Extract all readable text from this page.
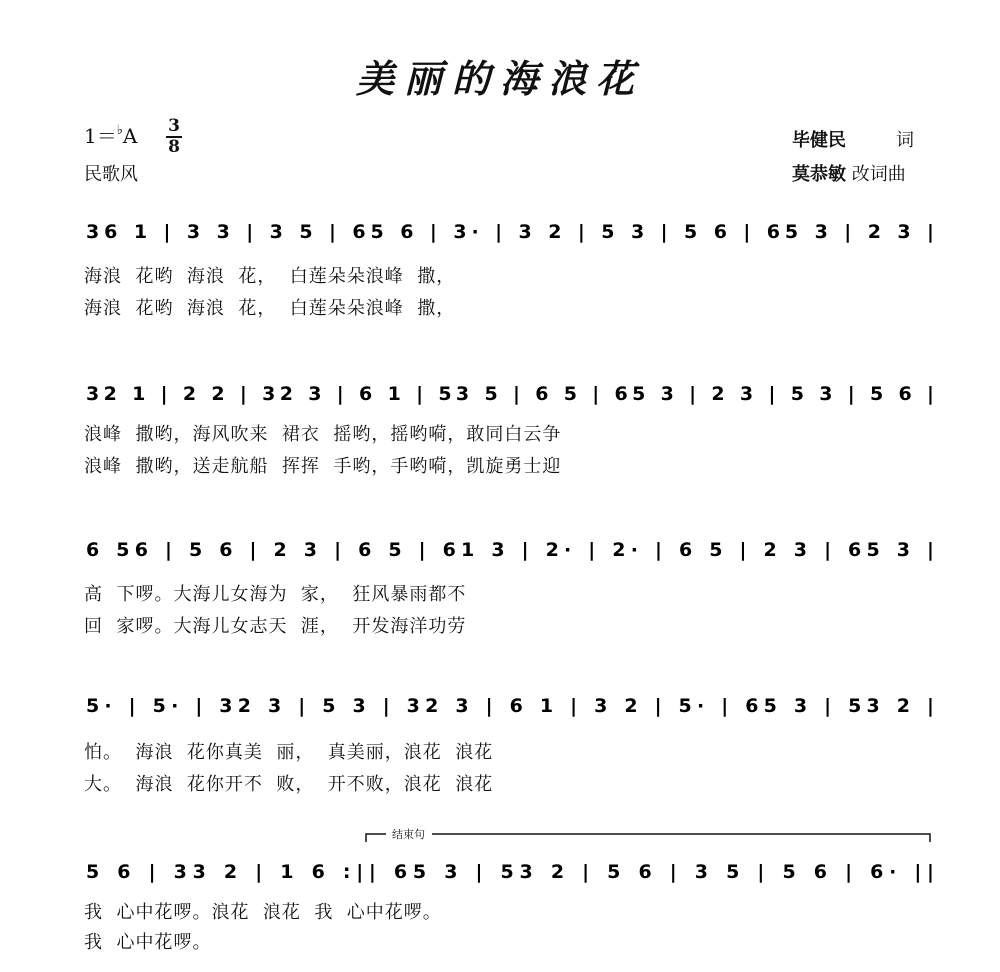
美丽的海浪花
1＝♭A 3
8
民歌风
毕健民	词
莫恭敏 改词曲
36 1 | 3 3 | 3 5 | 65 6 | 3· | 3 2 | 5 3 | 5 6 | 65 3 | 2 3 |
海浪  花哟  海浪  花，  白莲朵朵浪峰  撒，
海浪  花哟  海浪  花，  白莲朵朵浪峰  撒，
32 1 | 2 2 | 32 3 | 6 1 | 53 5 | 6 5 | 65 3 | 2 3 | 5 3 | 5 6 |
浪峰  撒哟，海风吹来  裙衣  摇哟，摇哟嗬，敢同白云争
浪峰  撒哟，送走航船  挥挥  手哟，手哟嗬，凯旋勇士迎
6 56 | 5 6 | 2 3 | 6 5 | 61 3 | 2· | 2· | 6 5 | 2 3 | 65 3 |
高  下啰。大海儿女海为  家，  狂风暴雨都不
回  家啰。大海儿女志天  涯，  开发海洋功劳
5· | 5· | 32 3 | 5 3 | 32 3 | 6 1 | 3 2 | 5· | 65 3 | 53 2 |
怕。  海浪  花你真美  丽，  真美丽，浪花  浪花
大。  海浪  花你开不  败，  开不败，浪花  浪花
结束句
5 6 | 33 2 | 1 6 :|| 65 3 | 53 2 | 5 6 | 3 5 | 5 6 | 6· ||
我  心中花啰。浪花  浪花  我  心中花啰。
我  心中花啰。
